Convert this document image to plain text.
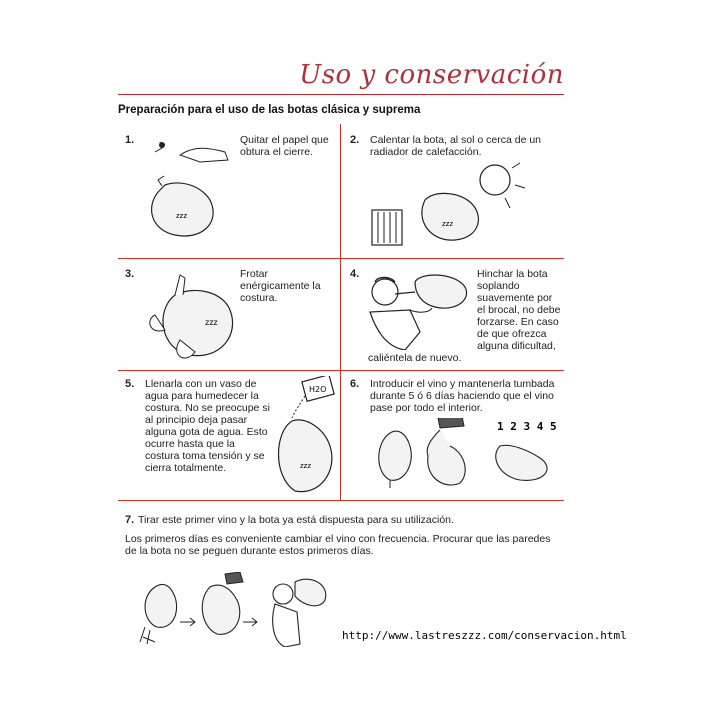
Uso y conservación
Preparación para el uso de las botas clásica y suprema
1.	Quitar el papel que obtura el cierre.
zzz
2. Calentar la bota, al sol o cerca de un radiador de calefacción.
zzz
3.	Frotar enérgicamente la costura.
zzz
4.	Hinchar la bota soplando suavemente por el brocal, no debe forzarse. En caso de que ofrezca alguna dificultad,
caliéntela de nuevo.
5. Llenarla con un vaso de agua para humedecer la costura. No se preocupe si al principio deja pasar alguna gota de agua. Esto ocurre hasta que la costura toma tensión y se cierra totalmente.
H2O
zzz
6. Introducir el vino y mantenerla tumbada durante 5 ó 6 días haciendo que el vino pase por todo el interior.
1 2 3 4 5
7. Tirar este primer vino y la bota ya está dispuesta para su utilización.
Los primeros días es conveniente cambiar el vino con frecuencia. Procurar que las paredes de la bota no se peguen durante estos primeros días.
http://www.lastreszzz.com/conservacion.html
